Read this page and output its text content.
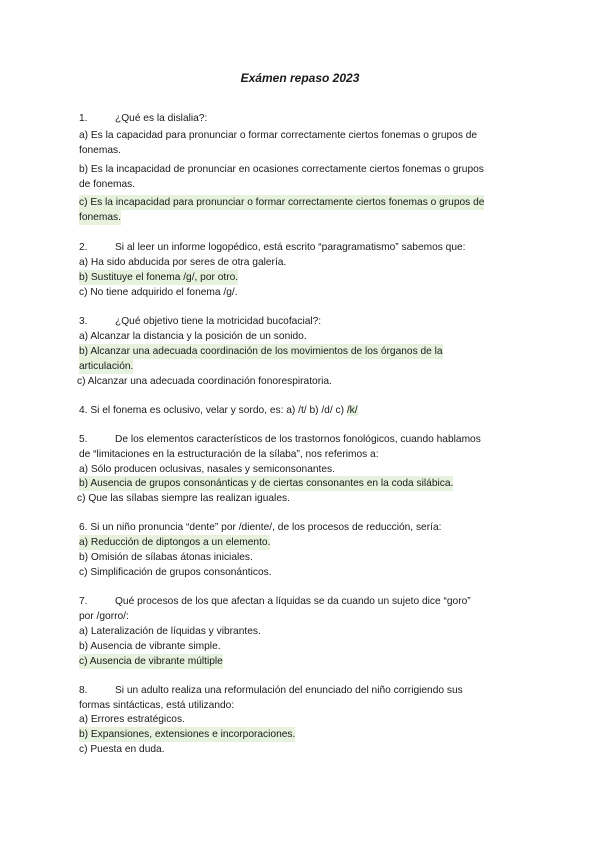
Exámen repaso 2023
1.	¿Qué es la dislalia?:
a) Es la capacidad para pronunciar o formar correctamente ciertos fonemas o grupos de
fonemas.
b) Es la incapacidad de pronunciar en ocasiones correctamente ciertos fonemas o grupos
de fonemas.
c) Es la incapacidad para pronunciar o formar correctamente ciertos fonemas o grupos de
fonemas.
2.	Si al leer un informe logopédico, está escrito “paragramatismo” sabemos que:
a) Ha sido abducida por seres de otra galería.
b) Sustituye el fonema /g/, por otro.
c) No tiene adquirido el fonema /g/.
3.	¿Qué objetivo tiene la motricidad bucofacial?:
a) Alcanzar la distancia y la posición de un sonido.
b) Alcanzar una adecuada coordinación de los movimientos de los órganos de la
articulación.
c) Alcanzar una adecuada coordinación fonorespiratoria.
4. Si el fonema es oclusivo, velar y sordo, es: a) /t/ b) /d/ c) /k/
5.	De los elementos característicos de los trastornos fonológicos, cuando hablamos
de “limitaciones en la estructuración de la sílaba”, nos referimos a:
a) Sólo producen oclusivas, nasales y semiconsonantes.
b) Ausencia de grupos consonánticas y de ciertas consonantes en la coda silábica.
c) Que las sílabas siempre las realizan iguales.
6. Si un niño pronuncia “dente” por /diente/, de los procesos de reducción, sería:
a) Reducción de diptongos a un elemento.
b) Omisión de sílabas átonas iniciales.
c) Simplificación de grupos consonánticos.
7.	Qué procesos de los que afectan a líquidas se da cuando un sujeto dice “goro”
por /gorro/:
a) Lateralización de líquidas y vibrantes.
b) Ausencia de vibrante simple.
c) Ausencia de vibrante múltiple
8.	Si un adulto realiza una reformulación del enunciado del niño corrigiendo sus
formas sintácticas, está utilizando:
a) Errores estratégicos.
b) Expansiones, extensiones e incorporaciones.
c) Puesta en duda.
